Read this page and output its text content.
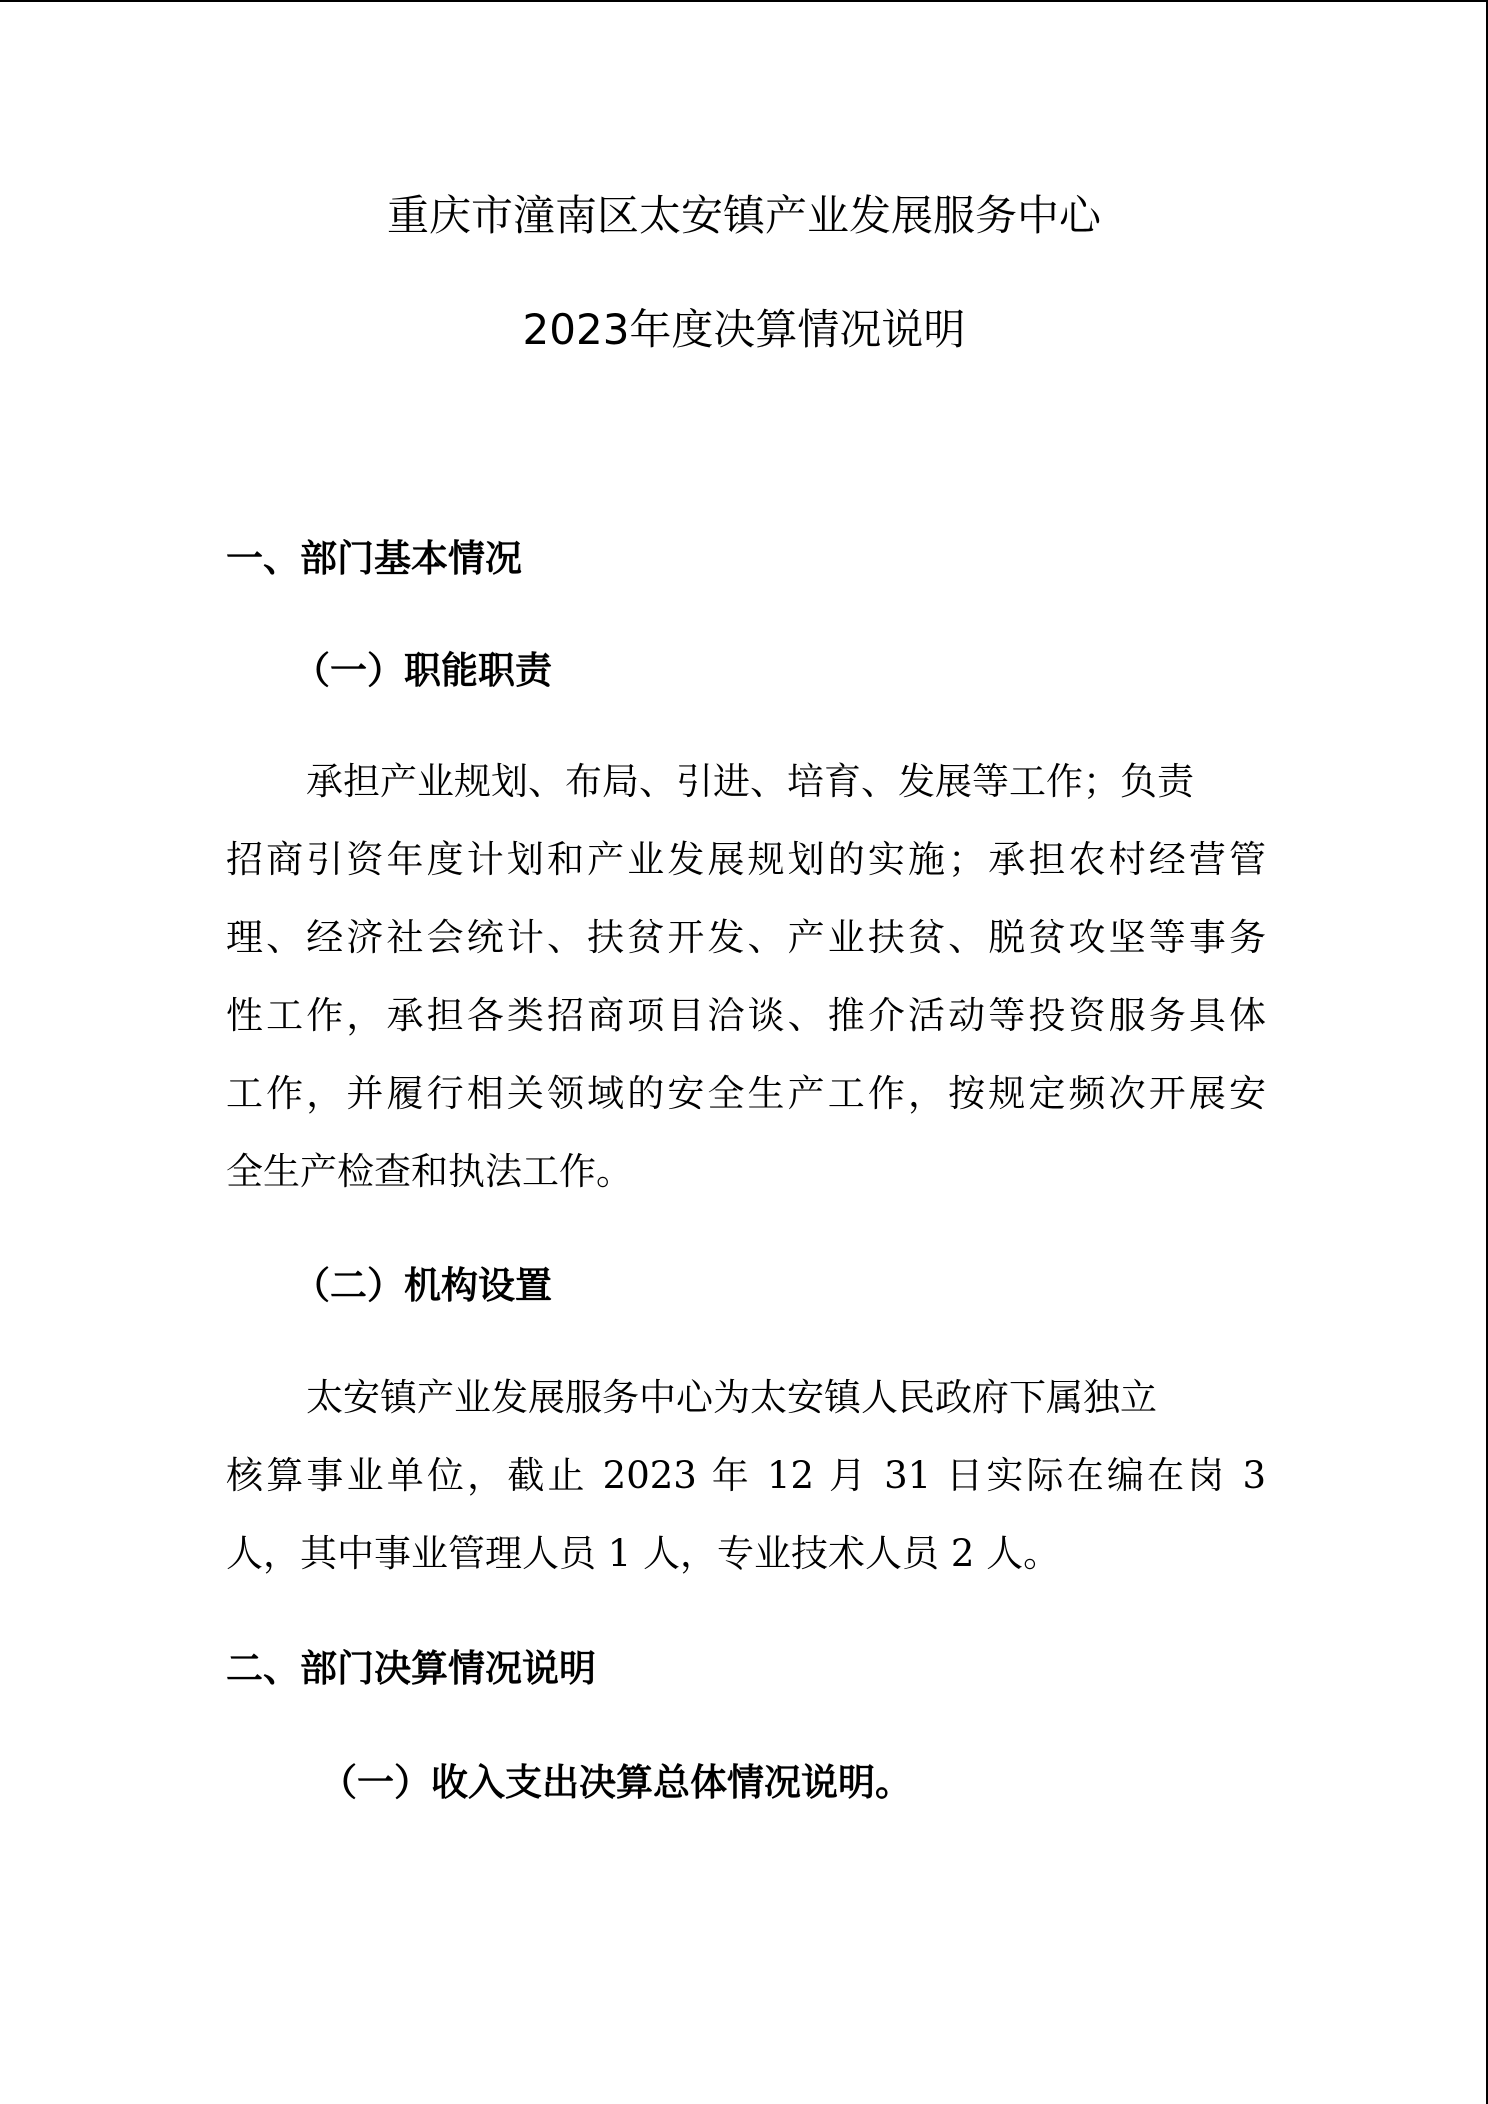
重庆市潼南区太安镇产业发展服务中心
2023年度决算情况说明
一、部门基本情况
（一）职能职责
承担产业规划、布局、引进、培育、发展等工作；负责
招商引资年度计划和产业发展规划的实施；承担农村经营管
理、经济社会统计、扶贫开发、产业扶贫、脱贫攻坚等事务
性工作，承担各类招商项目洽谈、推介活动等投资服务具体
工作，并履行相关领域的安全生产工作，按规定频次开展安
全生产检查和执法工作。
（二）机构设置
太安镇产业发展服务中心为太安镇人民政府下属独立
核算事业单位，截止 2023 年 12 月 31 日实际在编在岗 3
人，其中事业管理人员 1 人，专业技术人员 2 人。
二、部门决算情况说明
（一）收入支出决算总体情况说明。
